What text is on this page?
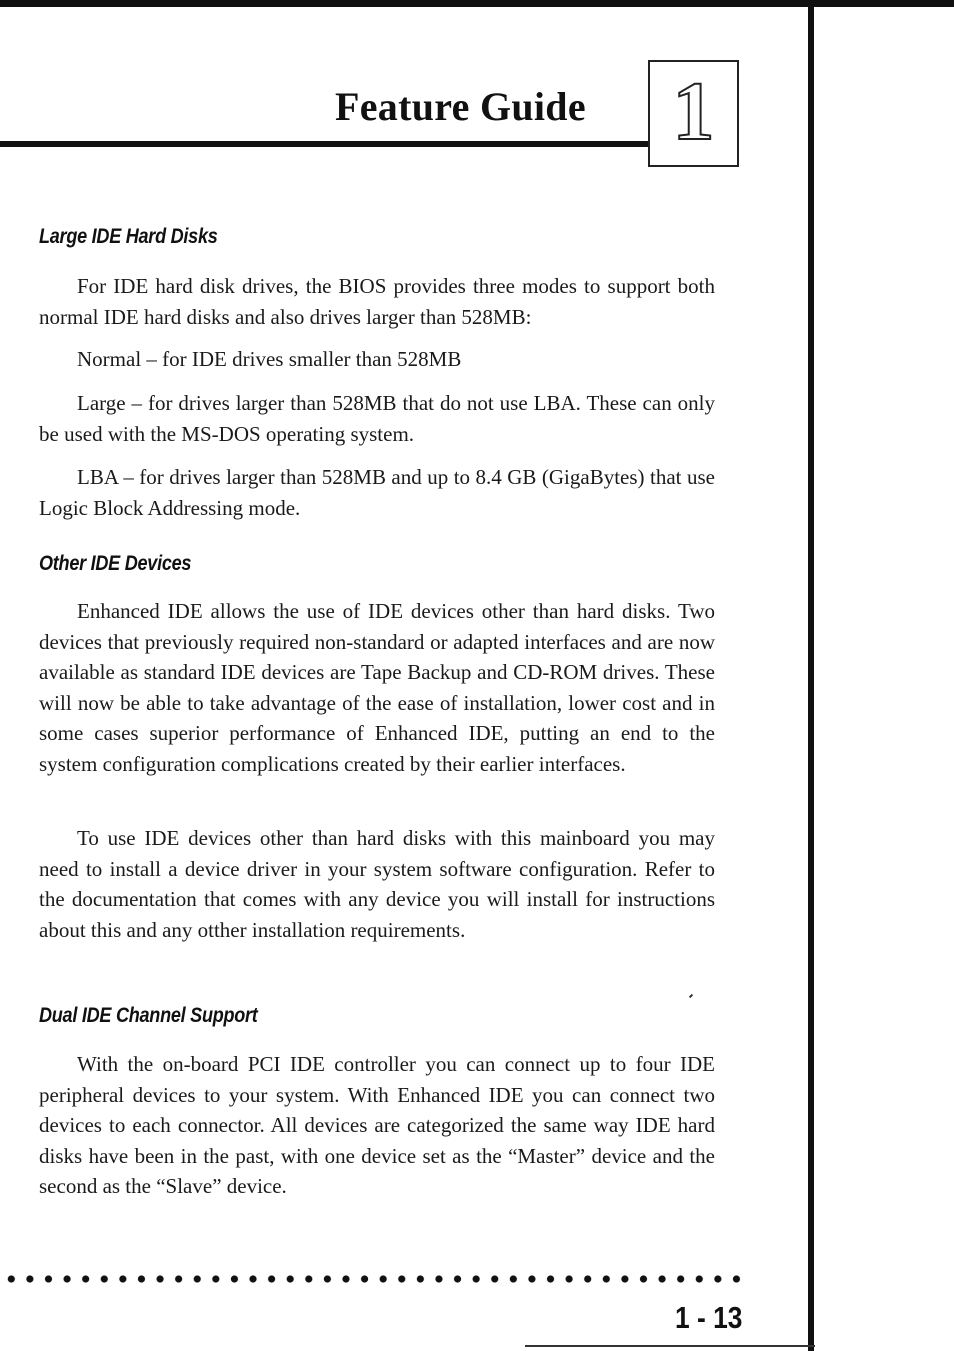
Feature Guide 1
Large IDE Hard Disks

For IDE hard disk drives, the BIOS provides three modes to support both normal IDE hard disks and also drives larger than 528MB:

Normal – for IDE drives smaller than 528MB

Large – for drives larger than 528MB that do not use LBA. These can only be used with the MS-DOS operating system.

LBA – for drives larger than 528MB and up to 8.4 GB (GigaBytes) that use Logic Block Addressing mode.

Other IDE Devices

Enhanced IDE allows the use of IDE devices other than hard disks. Two devices that previously required non-standard or adapted interfaces and are now available as standard IDE devices are Tape Backup and CD-ROM drives. These will now be able to take advantage of the ease of installation, lower cost and in some cases superior performance of Enhanced IDE, putting an end to the system configuration complications created by their earlier interfaces.

To use IDE devices other than hard disks with this mainboard you may need to install a device driver in your system software configuration. Refer to the documentation that comes with any device you will install for instructions about this and any otther installation requirements.

Dual IDE Channel Support

With the on-board PCI IDE controller you can connect up to four IDE peripheral devices to your system. With Enhanced IDE you can connect two devices to each connector. All devices are categorized the same way IDE hard disks have been in the past, with one device set as the “Master” device and the second as the “Slave” device.

1 - 13
